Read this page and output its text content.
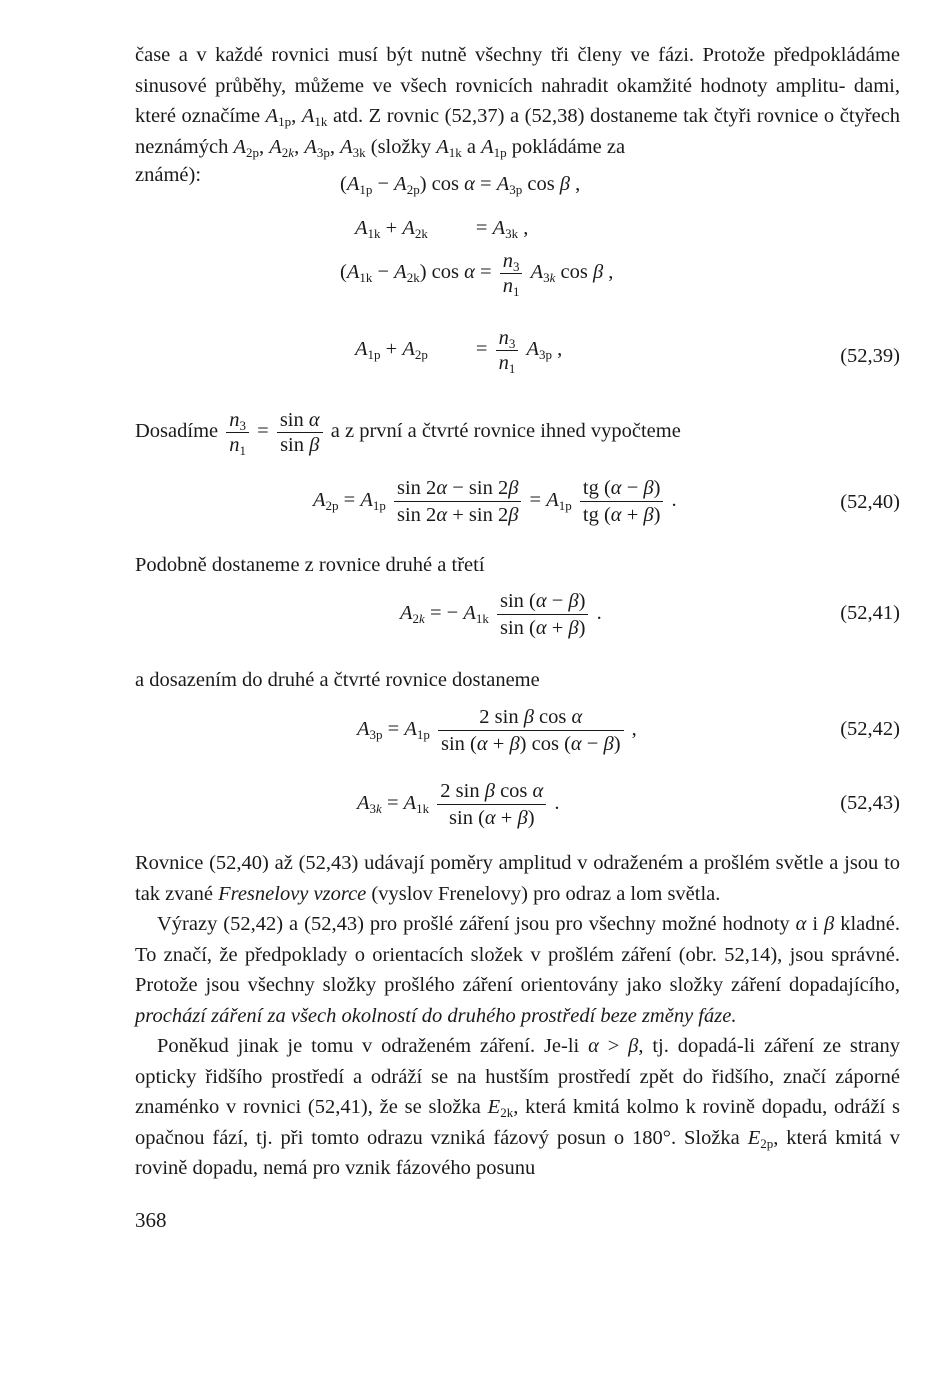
čase a v každé rovnici musí být nutně všechny tři členy ve fázi. Protože předpokládáme sinusové průběhy, můžeme ve všech rovnicích nahradit okamžité hodnoty amplitu- dami, které označíme $A_{1p}$, $A_{1k}$ atd. Z rovnic (52,37) a (52,38) dostaneme tak čtyři rovnice o čtyřech neznámých $A_{2p}$, $A_{2k}$, $A_{3p}$, $A_{3k}$ (složky $A_{1k}$ a $A_{1p}$ pokládáme za

známé):	$(A_{1p} - A_{2p})$ $\cos \alpha = A_{3p}$ cos β ,
$A_{1k} + A_{2k} = A_{3k}$ ,
$(A_{1k} - A_{2k})$ $\cos \alpha = \frac{n_3}{n_1} A_{3k}$ cos β ,
$A_{1p} + A_{2p} = \frac{n_3}{n_1} A_{3p}$ ,	(52,39)
Dosadíme $\frac{n_3}{n_1} = \frac{\text{sin α}}{\text{sin β}}$ a z první a čtvrté rovnice ihned vypočteme
$A_{2p} = A_{1p} \frac{\sin 2\alpha - \sin 2\beta}{\sin 2\alpha + \sin 2\beta} = A_{1p} \frac{tg (\alpha - \beta)}{tg (\alpha + \beta)}$ .	(52,40)
Podobně dostaneme z rovnice druhé a třetí
$A_{2k}$ = − $A_{1k} \frac{\sin (\alpha - \beta)}{\sin (\alpha + \beta)}$ .	(52,41)
a dosazením do druhé a čtvrté rovnice dostaneme
$A_{3p} = A_{1p} \frac{\text{2 sin β cos α}}{\sin (\alpha + \beta) \cos (\alpha - \beta)}$ ,	(52,42)
$A_{3k} = A_{1k} \frac{\text{2 sin β cos α}}{\sin (\alpha + \beta)}$ .	(52,43)

Rovnice (52,40) až (52,43) udávají poměry amplitud v odraženém a prošlém světle a jsou to tak zvané Fresnelovy vzorce (vyslov Frenelovy) pro odraz a lom světla.

Výrazy (52,42) a (52,43) pro prošlé záření jsou pro všechny možné hodnoty α i β kladné. To značí, že předpoklady o orientacích složek v prošlém záření (obr. 52,14), jsou správné. Protože jsou všechny složky prošlého záření orientovány jako složky záření dopadajícího, prochází záření za všech okolností do druhého prostředí beze změny fáze.

Poněkud jinak je tomu v odraženém záření. Je-li α > β, tj. dopadá-li záření ze strany opticky řidšího prostředí a odráží se na hustším prostředí zpět do řidšího, značí záporné znaménko v rovnici (52,41), že se složka $E_{2k}$, která kmitá kolmo k rovině dopadu, odráží s opačnou fází, tj. při tomto odrazu vzniká fázový posun o 180°. Složka $E_{2p}$, která kmitá v rovině dopadu, nemá pro vznik fázového posunu

368
